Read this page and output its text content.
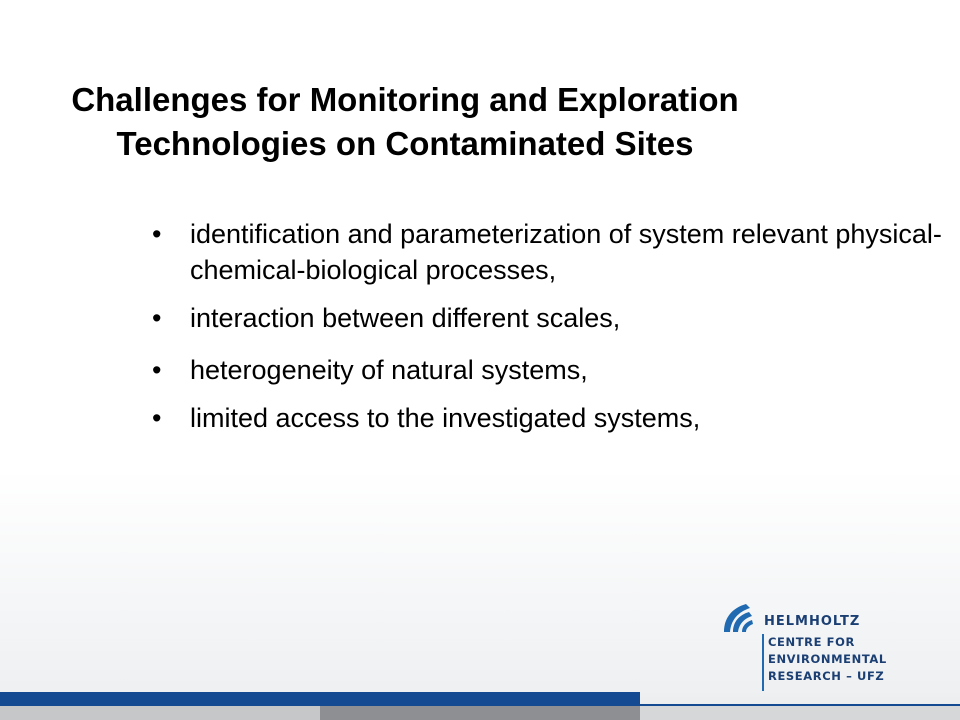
Challenges for Monitoring and Exploration
Technologies on Contaminated Sites
• identification and parameterization of system relevant physical-chemical-biological processes,
• interaction between different scales,
• heterogeneity of natural systems,
• limited access to the investigated systems,
HELMHOLTZ
CENTRE FOR
ENVIRONMENTAL
RESEARCH – UFZ
